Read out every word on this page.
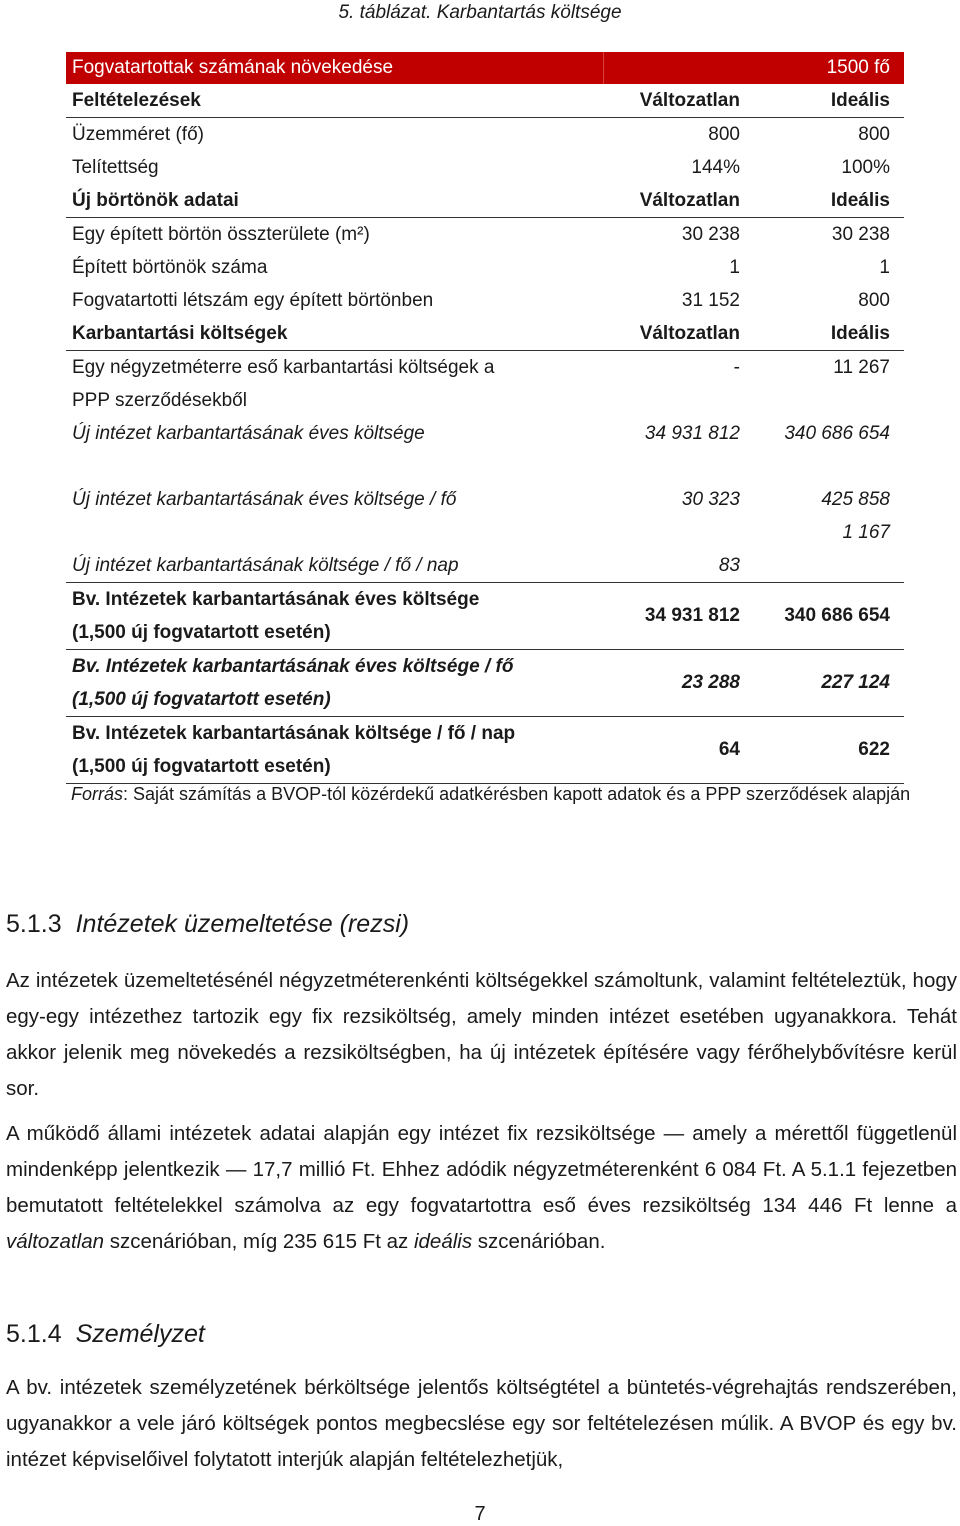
5. táblázat. Karbantartás költsége
Fogvatartottak számának növekedése		1500 fő
Feltételezések	Változatlan	Ideális
Üzemméret (fő)	800	800
Telítettség	144%	100%
Új börtönök adatai	Változatlan	Ideális
Egy épített börtön összterülete (m²)	30 238	30 238
Épített börtönök száma	1	1
Fogvatartotti létszám egy épített börtönben	31 152	800
Karbantartási költségek	Változatlan	Ideális
Egy négyzetméterre eső karbantartási költségek a	-	11 267
PPP szerződésekből		
Új intézet karbantartásának éves költsége	34 931 812	340 686 654

Új intézet karbantartásának éves költsége / fő	30 323	425 858
		1 167
Új intézet karbantartásának költsége / fő / nap	83	

Bv. Intézetek karbantartásának éves költsége
(1,500 új fogvatartott esetén)	34 931 812	340 686 654

Bv. Intézetek karbantartásának éves költsége / fő
(1,500 új fogvatartott esetén)	23 288	227 124

Bv. Intézetek karbantartásának költsége / fő / nap
(1,500 új fogvatartott esetén)	64	622
Forrás: Saját számítás a BVOP-tól közérdekű adatkérésben kapott adatok és a PPP szerződések alapján
5.1.3 Intézetek üzemeltetése (rezsi)
Az intézetek üzemeltetésénél négyzetméterenkénti költségekkel számoltunk, valamint feltételeztük, hogy egy-egy intézethez tartozik egy fix rezsiköltség, amely minden intézet esetében ugyanakkora. Tehát akkor jelenik meg növekedés a rezsiköltségben, ha új intézetek építésére vagy férőhelybővítésre kerül sor.
A működő állami intézetek adatai alapján egy intézet fix rezsiköltsége — amely a mérettől függetlenül mindenképp jelentkezik — 17,7 millió Ft. Ehhez adódik négyzetméterenként 6 084 Ft. A 5.1.1 fejezetben bemutatott feltételekkel számolva az egy fogvatartottra eső éves rezsiköltség 134 446 Ft lenne a változatlan szcenárióban, míg 235 615 Ft az ideális szcenárióban.
5.1.4 Személyzet
A bv. intézetek személyzetének bérköltsége jelentős költségtétel a büntetés-végrehajtás rendszerében, ugyanakkor a vele járó költségek pontos megbecslése egy sor feltételezésen múlik. A BVOP és egy bv. intézet képviselőivel folytatott interjúk alapján feltételezhetjük,
7
